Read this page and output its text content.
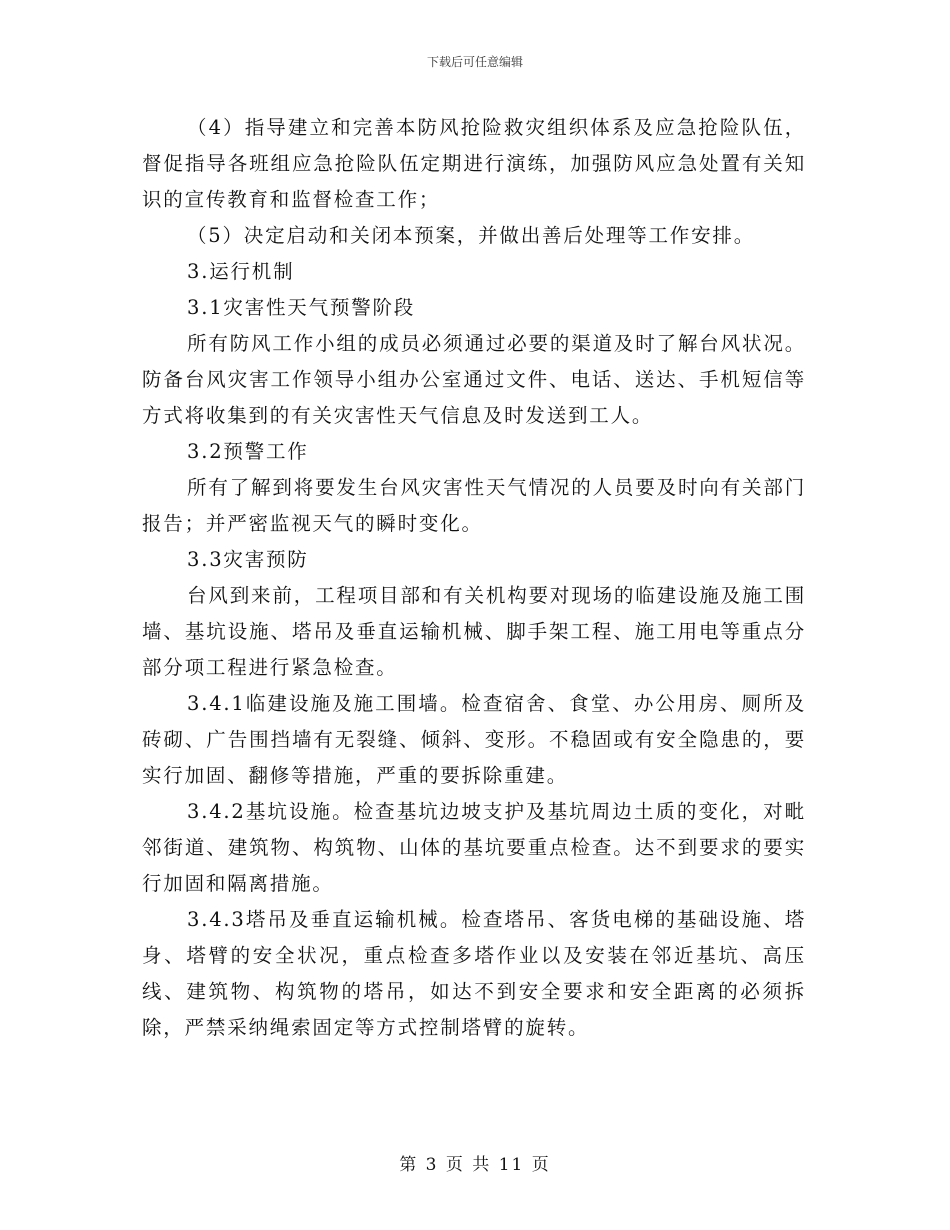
下载后可任意编辑

（4）指导建立和完善本防风抢险救灾组织体系及应急抢险队伍，督促指导各班组应急抢险队伍定期进行演练，加强防风应急处置有关知识的宣传教育和监督检查工作；

（5）决定启动和关闭本预案，并做出善后处理等工作安排。

3.运行机制

3.1灾害性天气预警阶段

所有防风工作小组的成员必须通过必要的渠道及时了解台风状况。防备台风灾害工作领导小组办公室通过文件、电话、送达、手机短信等方式将收集到的有关灾害性天气信息及时发送到工人。

3.2预警工作

所有了解到将要发生台风灾害性天气情况的人员要及时向有关部门报告；并严密监视天气的瞬时变化。

3.3灾害预防

台风到来前，工程项目部和有关机构要对现场的临建设施及施工围墙、基坑设施、塔吊及垂直运输机械、脚手架工程、施工用电等重点分部分项工程进行紧急检查。

3.4.1临建设施及施工围墙。检查宿舍、食堂、办公用房、厕所及砖砌、广告围挡墙有无裂缝、倾斜、变形。不稳固或有安全隐患的，要实行加固、翻修等措施，严重的要拆除重建。

3.4.2基坑设施。检查基坑边坡支护及基坑周边土质的变化，对毗邻街道、建筑物、构筑物、山体的基坑要重点检查。达不到要求的要实行加固和隔离措施。

3.4.3塔吊及垂直运输机械。检查塔吊、客货电梯的基础设施、塔身、塔臂的安全状况，重点检查多塔作业以及安装在邻近基坑、高压线、建筑物、构筑物的塔吊，如达不到安全要求和安全距离的必须拆除，严禁采纳绳索固定等方式控制塔臂的旋转。

第 3 页 共 11 页
